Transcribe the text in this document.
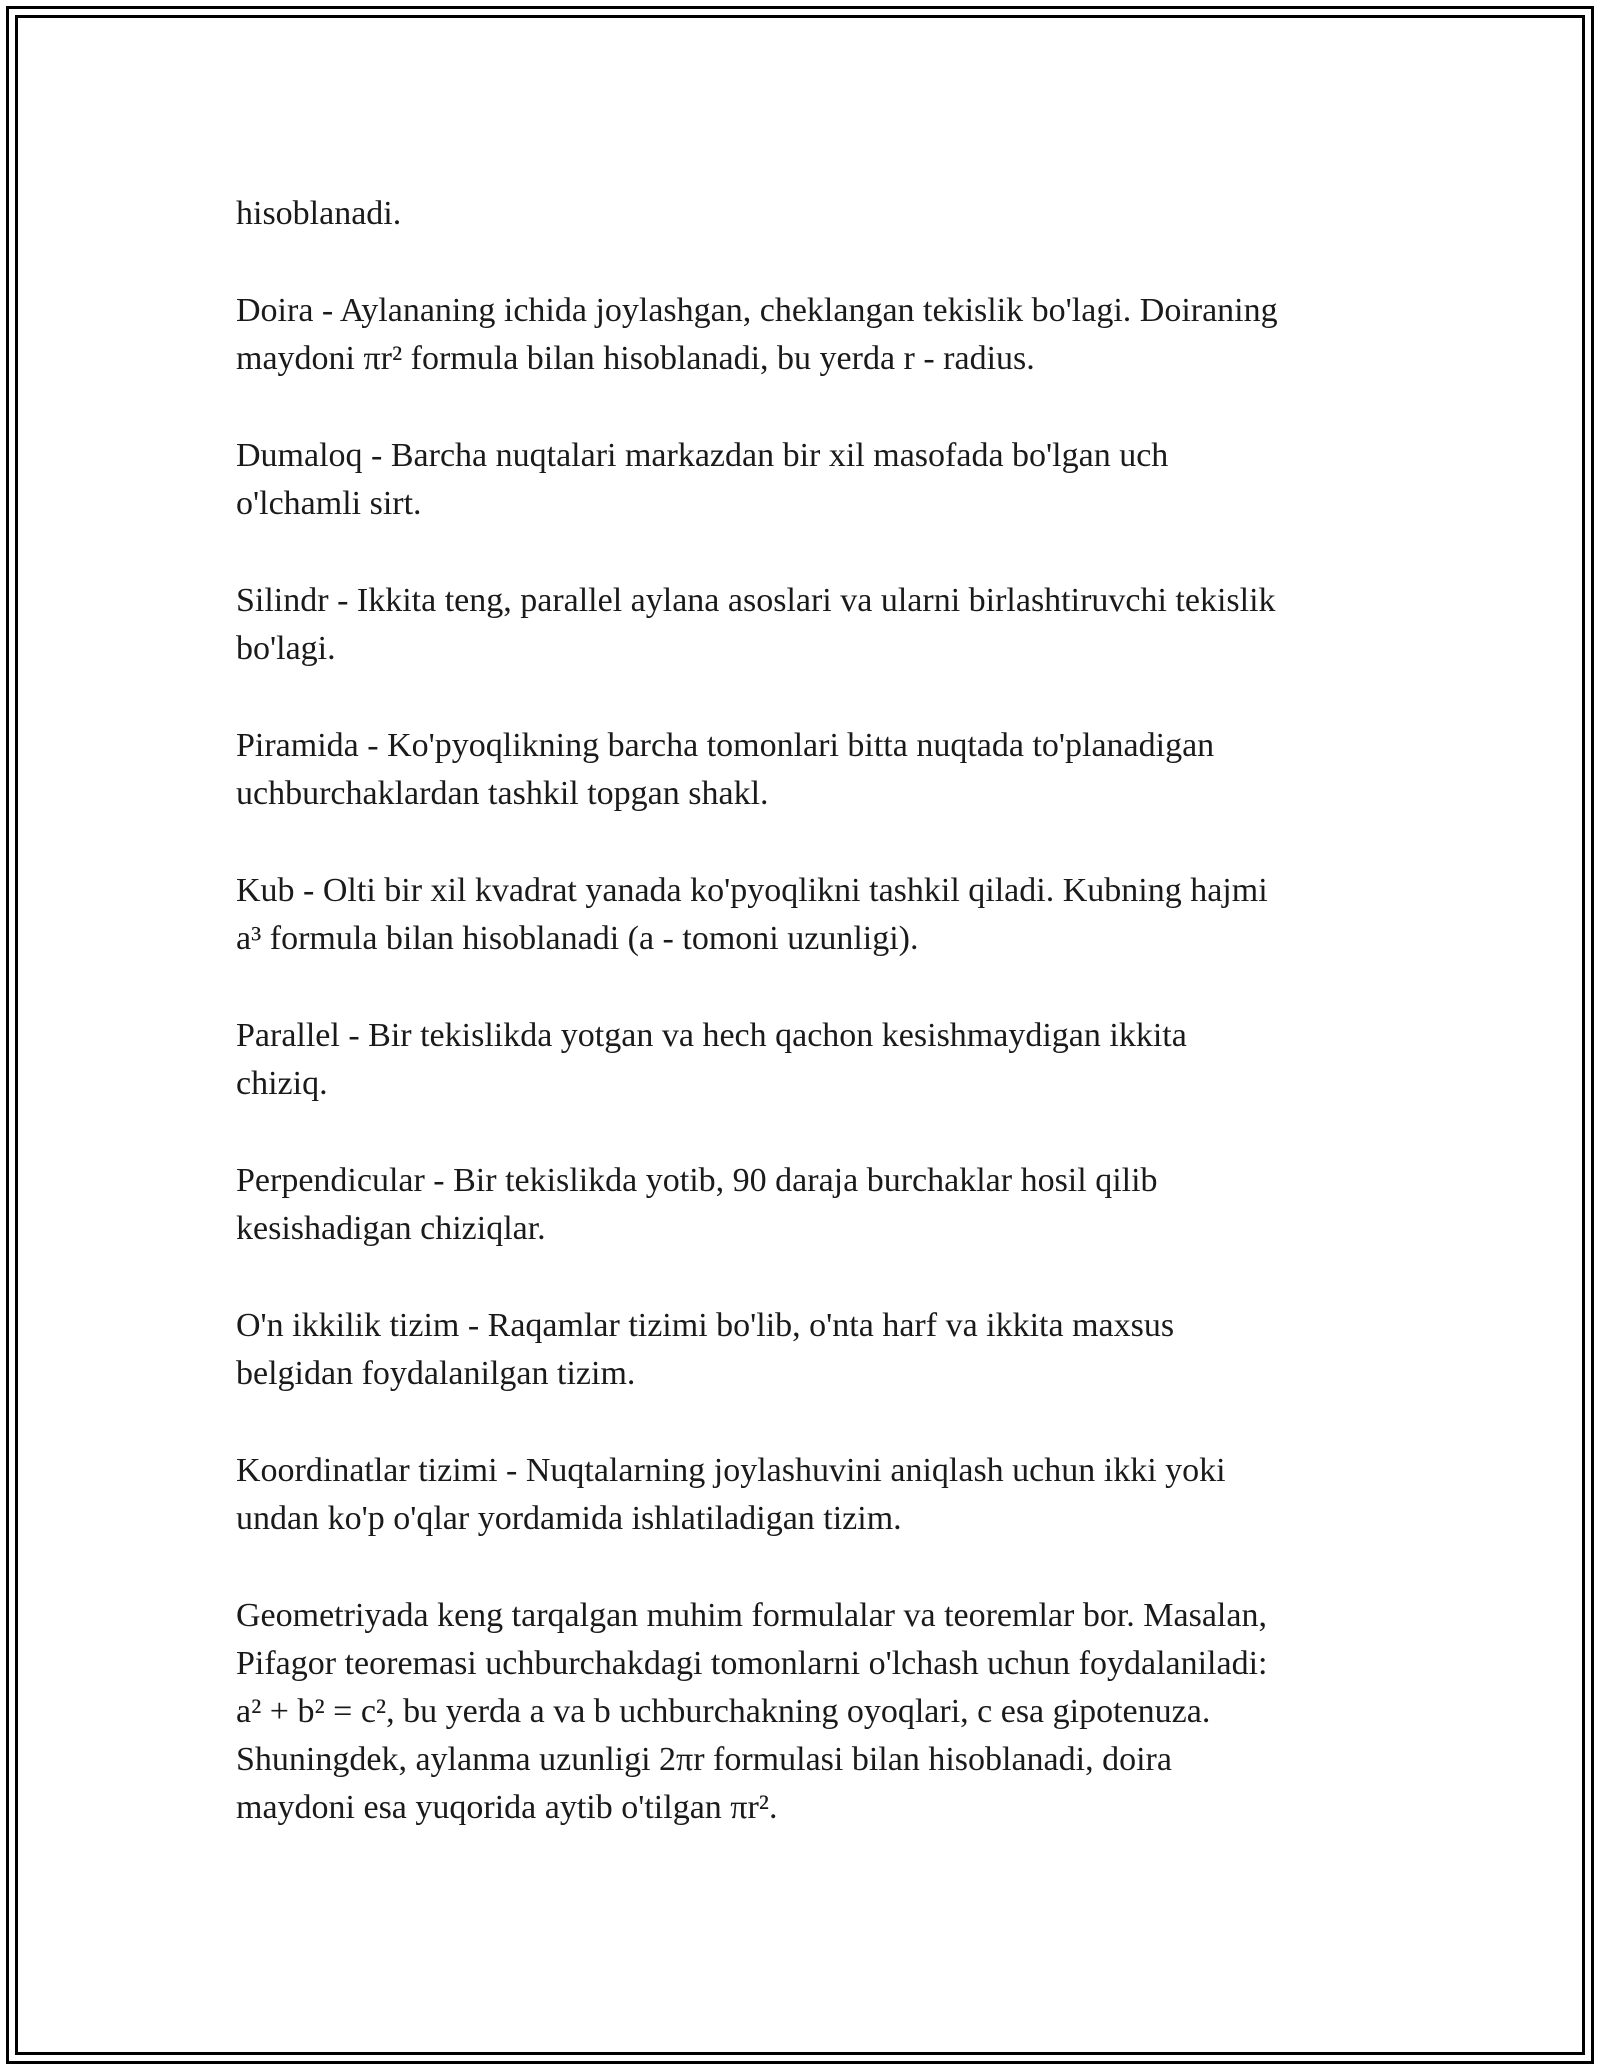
hisoblanadi.

Doira - Aylananing ichida joylashgan, cheklangan tekislik bo'lagi. Doiraning
maydoni πr² formula bilan hisoblanadi, bu yerda r - radius.

Dumaloq - Barcha nuqtalari markazdan bir xil masofada bo'lgan uch
o'lchamli sirt.

Silindr - Ikkita teng, parallel aylana asoslari va ularni birlashtiruvchi tekislik
bo'lagi.

Piramida - Ko'pyoqlikning barcha tomonlari bitta nuqtada to'planadigan
uchburchaklardan tashkil topgan shakl.

Kub - Olti bir xil kvadrat yanada ko'pyoqlikni tashkil qiladi. Kubning hajmi
a³ formula bilan hisoblanadi (a - tomoni uzunligi).

Parallel - Bir tekislikda yotgan va hech qachon kesishmaydigan ikkita
chiziq.

Perpendicular - Bir tekislikda yotib, 90 daraja burchaklar hosil qilib
kesishadigan chiziqlar.

O'n ikkilik tizim - Raqamlar tizimi bo'lib, o'nta harf va ikkita maxsus
belgidan foydalanilgan tizim.

Koordinatlar tizimi - Nuqtalarning joylashuvini aniqlash uchun ikki yoki
undan ko'p o'qlar yordamida ishlatiladigan tizim.

Geometriyada keng tarqalgan muhim formulalar va teoremlar bor. Masalan,
Pifagor teoremasi uchburchakdagi tomonlarni o'lchash uchun foydalaniladi:
a² + b² = c², bu yerda a va b uchburchakning oyoqlari, c esa gipotenuza.
Shuningdek, aylanma uzunligi 2πr formulasi bilan hisoblanadi, doira
maydoni esa yuqorida aytib o'tilgan πr².
